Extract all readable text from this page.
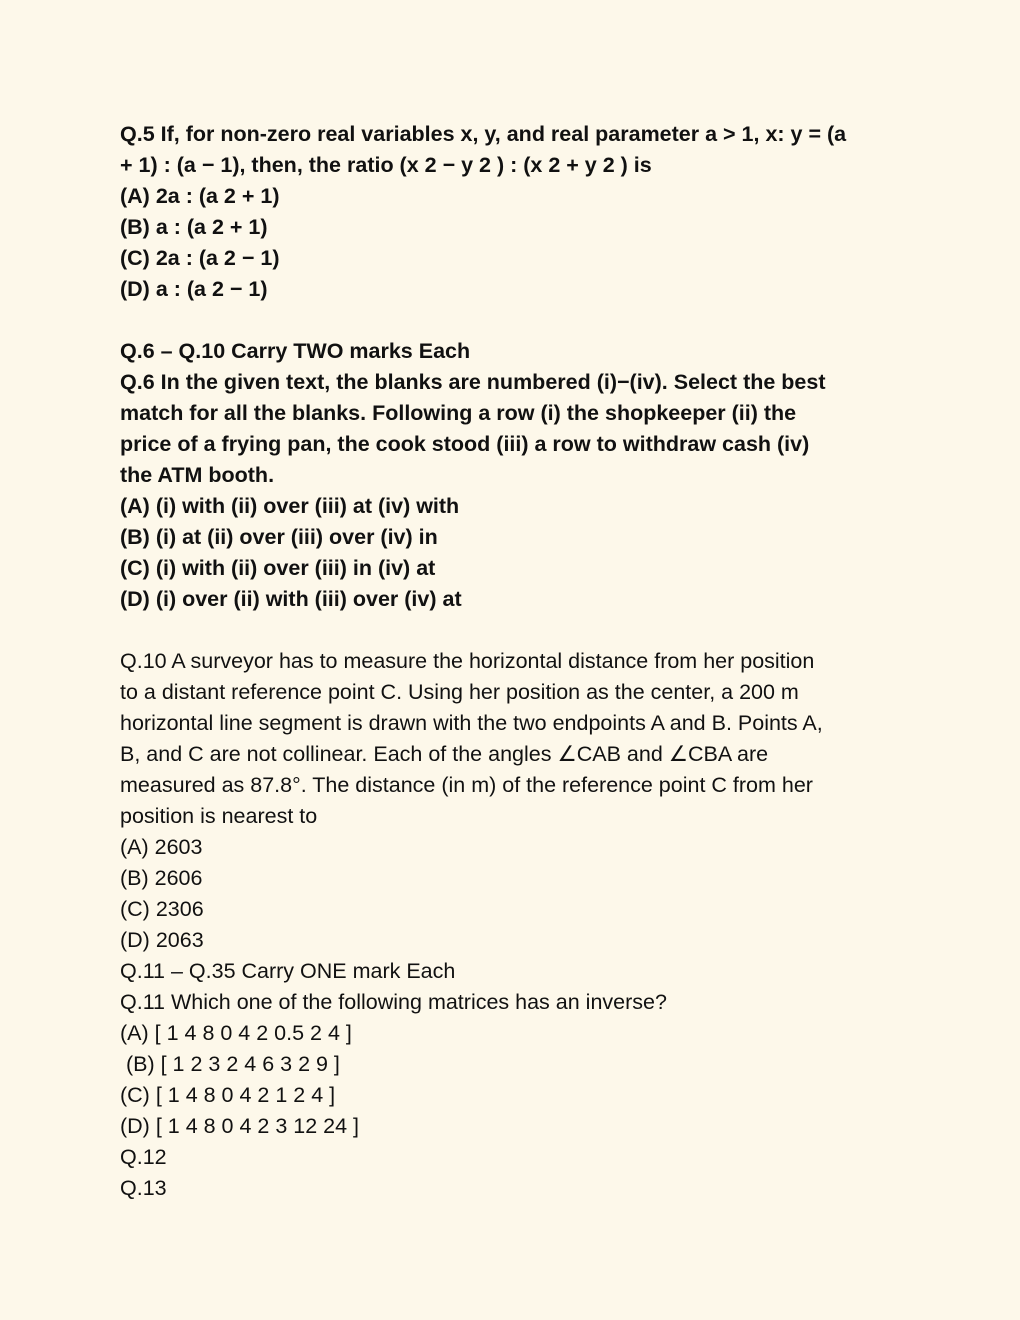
Q.5 If, for non-zero real variables x, y, and real parameter a > 1, x: y = (a
+ 1) : (a − 1), then, the ratio (x 2 − y 2 ) : (x 2 + y 2 ) is
(A) 2a : (a 2 + 1)
(B) a : (a 2 + 1)
(C) 2a : (a 2 − 1)
(D) a : (a 2 − 1)
Q.6 – Q.10 Carry TWO marks Each
Q.6 In the given text, the blanks are numbered (i)−(iv). Select the best
match for all the blanks. Following a row (i) the shopkeeper (ii) the
price of a frying pan, the cook stood (iii) a row to withdraw cash (iv)
the ATM booth.
(A) (i) with (ii) over (iii) at (iv) with
(B) (i) at (ii) over (iii) over (iv) in
(C) (i) with (ii) over (iii) in (iv) at
(D) (i) over (ii) with (iii) over (iv) at
Q.10 A surveyor has to measure the horizontal distance from her position
to a distant reference point C. Using her position as the center, a 200 m
horizontal line segment is drawn with the two endpoints A and B. Points A,
B, and C are not collinear. Each of the angles ∠CAB and ∠CBA are
measured as 87.8°. The distance (in m) of the reference point C from her
position is nearest to
(A) 2603
(B) 2606
(C) 2306
(D) 2063
Q.11 – Q.35 Carry ONE mark Each
Q.11 Which one of the following matrices has an inverse?
(A) [ 1 4 8 0 4 2 0.5 2 4 ]
(B) [ 1 2 3 2 4 6 3 2 9 ]
(C) [ 1 4 8 0 4 2 1 2 4 ]
(D) [ 1 4 8 0 4 2 3 12 24 ]
Q.12
Q.13
